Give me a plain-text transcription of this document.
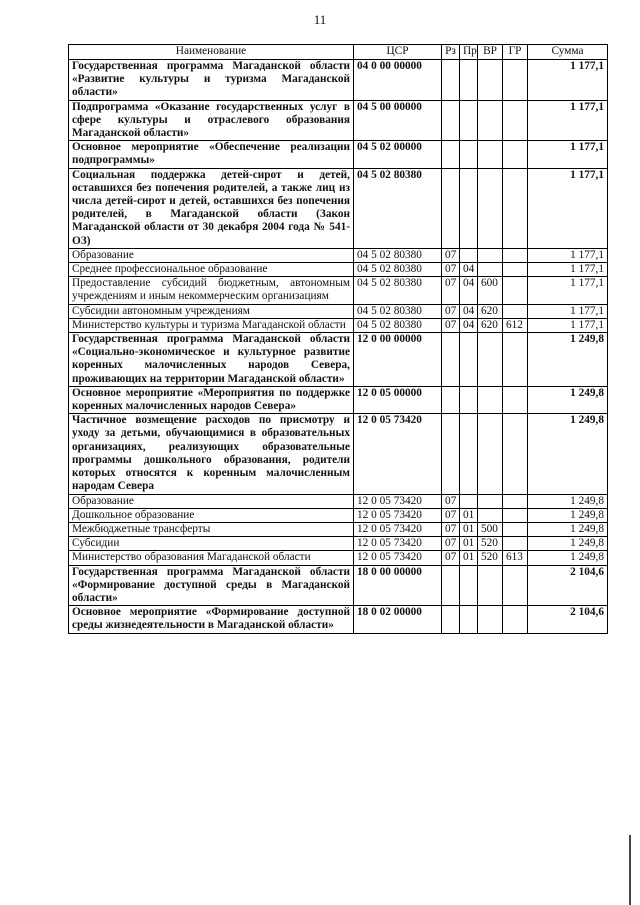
11
Наименование	ЦСР	Рз	Пр	ВР	ГР	Сумма
Государственная программа Магаданской области «Развитие культуры и туризма Магаданской области»	04 0 00 00000					1 177,1
Подпрограмма «Оказание государственных услуг в сфере культуры и отраслевого образования Магаданской области»	04 5 00 00000					1 177,1
Основное мероприятие «Обеспечение реализации подпрограммы»	04 5 02 00000					1 177,1
Социальная поддержка детей-сирот и детей, оставшихся без попечения родителей, а также лиц из числа детей-сирот и детей, оставшихся без попечения родителей, в Магаданской области (Закон Магаданской области от 30 декабря 2004 года № 541-ОЗ)	04 5 02 80380					1 177,1
Образование	04 5 02 80380	07				1 177,1
Среднее профессиональное образование	04 5 02 80380	07	04			1 177,1
Предоставление субсидий бюджетным, автономным учреждениям и иным некоммерческим организациям	04 5 02 80380	07	04	600		1 177,1
Субсидии автономным учреждениям	04 5 02 80380	07	04	620		1 177,1
Министерство культуры и туризма Магаданской области	04 5 02 80380	07	04	620	612	1 177,1
Государственная программа Магаданской области «Социально-экономическое и культурное развитие коренных малочисленных народов Севера, проживающих на территории Магаданской области»	12 0 00 00000					1 249,8
Основное мероприятие «Мероприятия по поддержке коренных малочисленных народов Севера»	12 0 05 00000					1 249,8
Частичное возмещение расходов по присмотру и уходу за детьми, обучающимися в образовательных организациях, реализующих образовательные программы дошкольного образования, родители которых относятся к коренным малочисленным народам Севера	12 0 05 73420					1 249,8
Образование	12 0 05 73420	07				1 249,8
Дошкольное образование	12 0 05 73420	07	01			1 249,8
Межбюджетные трансферты	12 0 05 73420	07	01	500		1 249,8
Субсидии	12 0 05 73420	07	01	520		1 249,8
Министерство образования Магаданской области	12 0 05 73420	07	01	520	613	1 249,8
Государственная программа Магаданской области «Формирование доступной среды в Магаданской области»	18 0 00 00000					2 104,6
Основное мероприятие «Формирование доступной среды жизнедеятельности в Магаданской области»	18 0 02 00000					2 104,6
